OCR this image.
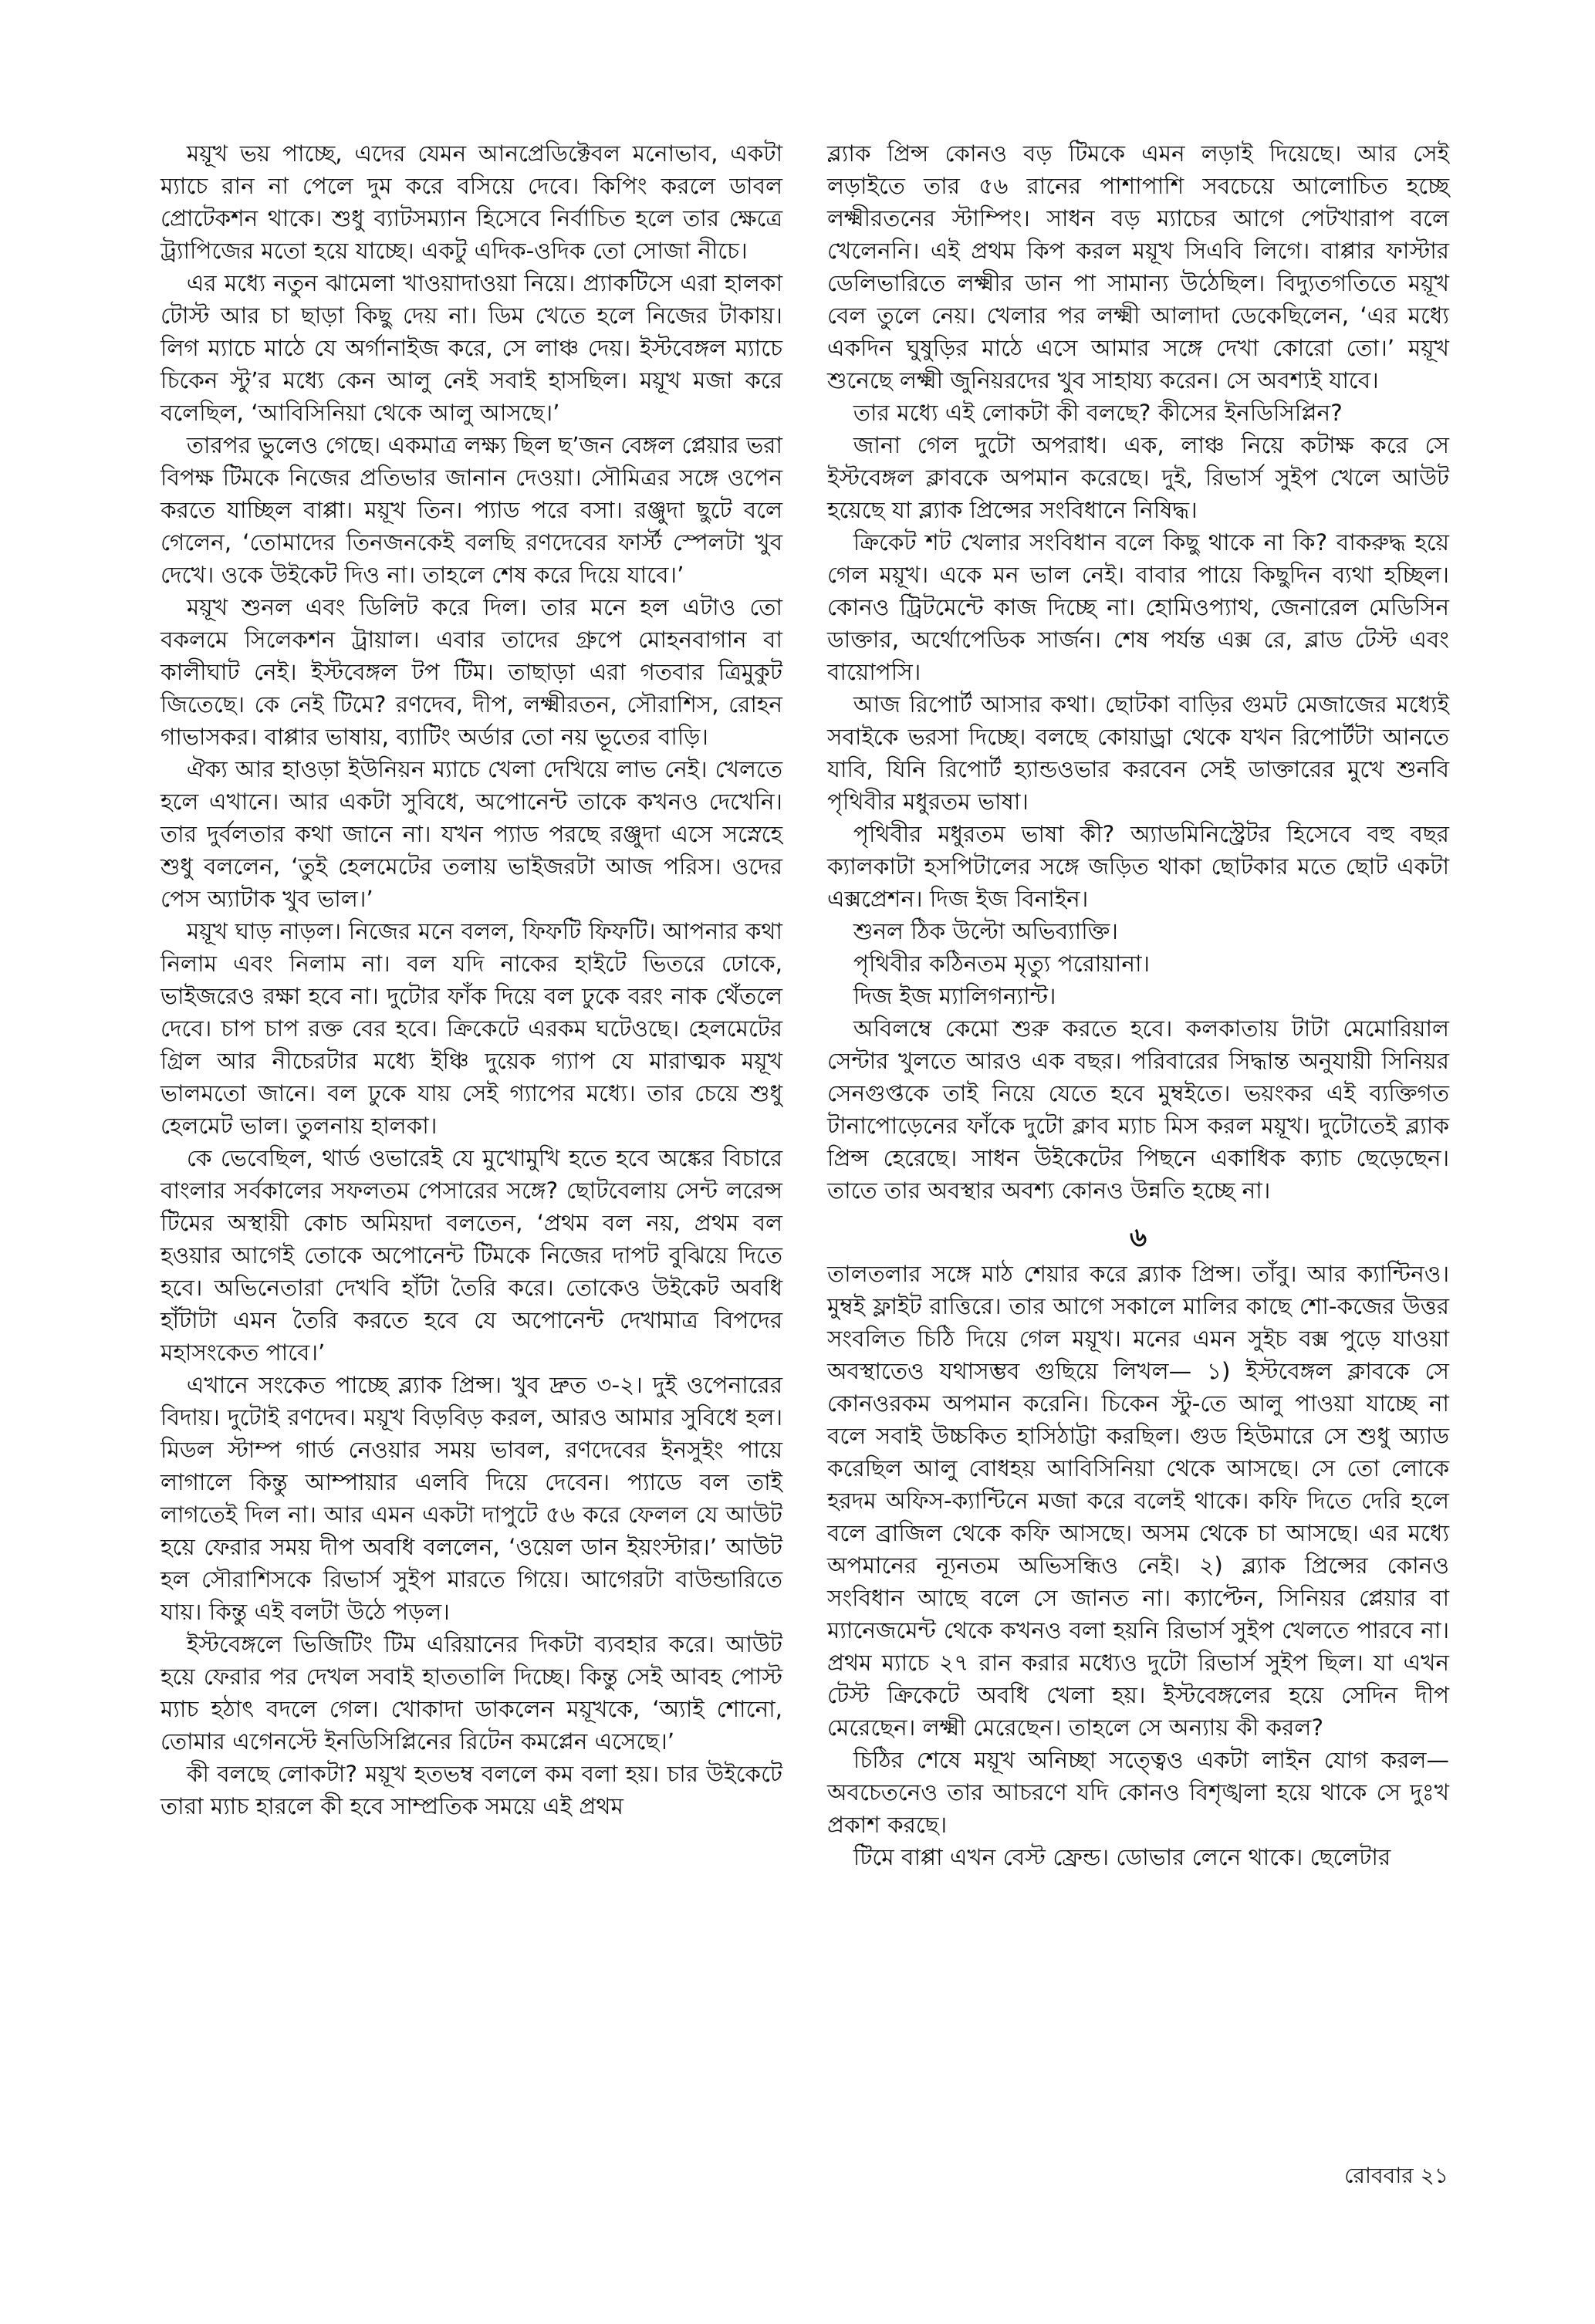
ময়ূখ ভয় পাচ্ছে, এদের যেমন আনপ্রেডিক্টেবল মনোভাব, একটা ম্যাচে রান না পেলে দুম করে বসিয়ে দেবে। কিপিং করলে ডাবল প্রোটেকশন থাকে। শুধু ব্যাটসম্যান হিসেবে নির্বাচিত হলে তার ক্ষেত্রে ট্র্যাপিজের মতো হয়ে যাচ্ছে। একটু এদিক-ওদিক তো সোজা নীচে।

এর মধ্যে নতুন ঝামেলা খাওয়াদাওয়া নিয়ে। প্র্যাকটিসে এরা হালকা টোস্ট আর চা ছাড়া কিছু দেয় না। ডিম খেতে হলে নিজের টাকায়। লিগ ম্যাচে মাঠে যে অর্গানাইজ করে, সে লাঞ্চ দেয়। ইস্টবেঙ্গল ম্যাচে চিকেন স্টু’র মধ্যে কেন আলু নেই সবাই হাসছিল। ময়ূখ মজা করে বলেছিল, ‘আবিসিনিয়া থেকে আলু আসছে।’

তারপর ভুলেও গেছে। একমাত্র লক্ষ্য ছিল ছ’জন বেঙ্গল প্লেয়ার ভরা বিপক্ষ টিমকে নিজের প্রতিভার জানান দেওয়া। সৌমিত্রর সঙ্গে ওপেন করতে যাচ্ছিল বাপ্পা। ময়ূখ তিন। প্যাড পরে বসা। রঞ্জুদা ছুটে বলে গেলেন, ‘তোমাদের তিনজনকেই বলছি রণদেবের ফার্স্ট স্পেলটা খুব দেখে। ওকে উইকেট দিও না। তাহলে শেষ করে দিয়ে যাবে।’

ময়ূখ শুনল এবং ডিলিট করে দিল। তার মনে হল এটাও তো বকলমে সিলেকশন ট্রায়াল। এবার তাদের গ্রুপে মোহনবাগান বা কালীঘাট নেই। ইস্টবেঙ্গল টপ টিম। তাছাড়া এরা গতবার ত্রিমুকুট জিতেছে। কে নেই টিমে? রণদেব, দীপ, লক্ষ্মীরতন, সৌরাশিস, রোহন গাভাসকর। বাপ্পার ভাষায়, ব্যাটিং অর্ডার তো নয় ভূতের বাড়ি।

ঐক্য আর হাওড়া ইউনিয়ন ম্যাচে খেলা দেখিয়ে লাভ নেই। খেলতে হলে এখানে। আর একটা সুবিধে, অপোনেন্ট তাকে কখনও দেখেনি। তার দুর্বলতার কথা জানে না। যখন প্যাড পরছে রঞ্জুদা এসে সস্নেহে শুধু বললেন, ‘তুই হেলমেটের তলায় ভাইজরটা আজ পরিস। ওদের পেস অ্যাটাক খুব ভাল।’

ময়ূখ ঘাড় নাড়ল। নিজের মনে বলল, ফিফটি ফিফটি। আপনার কথা নিলাম এবং নিলাম না। বল যদি নাকের হাইটে ভিতরে ঢোকে, ভাইজরেও রক্ষা হবে না। দুটোর ফাঁক দিয়ে বল ঢুকে বরং নাক থেঁতলে দেবে। চাপ চাপ রক্ত বের হবে। ক্রিকেটে এরকম ঘটেওছে। হেলমেটের গ্রিল আর নীচেরটার মধ্যে ইঞ্চি দুয়েক গ্যাপ যে মারাত্মক ময়ূখ ভালমতো জানে। বল ঢুকে যায় সেই গ্যাপের মধ্যে। তার চেয়ে শুধু হেলমেট ভাল। তুলনায় হালকা।

কে ভেবেছিল, থার্ড ওভারেই যে মুখোমুখি হতে হবে অঙ্কের বিচারে বাংলার সর্বকালের সফলতম পেসারের সঙ্গে? ছোটবেলায় সেন্ট লরেন্স টিমের অস্থায়ী কোচ অমিয়দা বলতেন, ‘প্রথম বল নয়, প্রথম বল হওয়ার আগেই তোকে অপোনেন্ট টিমকে নিজের দাপট বুঝিয়ে দিতে হবে। অভিনেতারা দেখবি হাঁটা তৈরি করে। তোকেও উইকেট অবধি হাঁটাটা এমন তৈরি করতে হবে যে অপোনেন্ট দেখামাত্র বিপদের মহাসংকেত পাবে।’

এখানে সংকেত পাচ্ছে ব্ল্যাক প্রিন্স। খুব দ্রুত ৩-২। দুই ওপেনারের বিদায়। দুটোই রণদেব। ময়ূখ বিড়বিড় করল, আরও আমার সুবিধে হল। মিডল স্টাম্প গার্ড নেওয়ার সময় ভাবল, রণদেবের ইনসুইং পায়ে লাগালে কিন্তু আম্পায়ার এলবি দিয়ে দেবেন। প্যাডে বল তাই লাগতেই দিল না। আর এমন একটা দাপুটে ৫৬ করে ফেলল যে আউট হয়ে ফেরার সময় দীপ অবধি বললেন, ‘ওয়েল ডান ইয়ংস্টার।’ আউট হল সৌরাশিসকে রিভার্স সুইপ মারতে গিয়ে। আগেরটা বাউন্ডারিতে যায়। কিন্তু এই বলটা উঠে পড়ল।

ইস্টবেঙ্গলে ভিজিটিং টিম এরিয়ানের দিকটা ব্যবহার করে। আউট হয়ে ফেরার পর দেখল সবাই হাততালি দিচ্ছে। কিন্তু সেই আবহ পোস্ট ম্যাচ হঠাৎ বদলে গেল। খোকাদা ডাকলেন ময়ূখকে, ‘অ্যাই শোনো, তোমার এগেনস্টে ইনডিসিপ্লিনের রিটেন কমপ্লেন এসেছে।’

কী বলছে লোকটা? ময়ূখ হতভম্ব বললে কম বলা হয়। চার উইকেটে তারা ম্যাচ হারলে কী হবে সাম্প্রতিক সময়ে এই প্রথম

ব্ল্যাক প্রিন্স কোনও বড় টিমকে এমন লড়াই দিয়েছে। আর সেই লড়াইতে তার ৫৬ রানের পাশাপাশি সবচেয়ে আলোচিত হচ্ছে লক্ষ্মীরতনের স্টাম্পিং। সাধন বড় ম্যাচের আগে পেটখারাপ বলে খেলেননি। এই প্রথম কিপ করল ময়ূখ সিএবি লিগে। বাপ্পার ফাস্টার ডেলিভারিতে লক্ষ্মীর ডান পা সামান্য উঠেছিল। বিদ্যুতগতিতে ময়ূখ বেল তুলে নেয়। খেলার পর লক্ষ্মী আলাদা ডেকেছিলেন, ‘এর মধ্যে একদিন ঘুষুড়ির মাঠে এসে আমার সঙ্গে দেখা কোরো তো।’ ময়ূখ শুনেছে লক্ষ্মী জুনিয়রদের খুব সাহায্য করেন। সে অবশ্যই যাবে।

তার মধ্যে এই লোকটা কী বলছে? কীসের ইনডিসিপ্লিন?

জানা গেল দুটো অপরাধ। এক, লাঞ্চ নিয়ে কটাক্ষ করে সে ইস্টবেঙ্গল ক্লাবকে অপমান করেছে। দুই, রিভার্স সুইপ খেলে আউট হয়েছে যা ব্ল্যাক প্রিন্সের সংবিধানে নিষিদ্ধ।

ক্রিকেট শট খেলার সংবিধান বলে কিছু থাকে না কি? বাকরুদ্ধ হয়ে গেল ময়ূখ। একে মন ভাল নেই। বাবার পায়ে কিছুদিন ব্যথা হচ্ছিল। কোনও ট্রিটমেন্টে কাজ দিচ্ছে না। হোমিওপ্যাথ, জেনারেল মেডিসিন ডাক্তার, অর্থোপেডিক সার্জন। শেষ পর্যন্ত এক্স রে, ব্লাড টেস্ট এবং বায়োপসি।

আজ রিপোর্ট আসার কথা। ছোটকা বাড়ির গুমট মেজাজের মধ্যেই সবাইকে ভরসা দিচ্ছে। বলছে কোয়াড্রা থেকে যখন রিপোর্টটা আনতে যাবি, যিনি রিপোর্ট হ্যান্ডওভার করবেন সেই ডাক্তারের মুখে শুনবি পৃথিবীর মধুরতম ভাষা।

পৃথিবীর মধুরতম ভাষা কী? অ্যাডমিনিস্ট্রেটর হিসেবে বহু বছর ক্যালকাটা হসপিটালের সঙ্গে জড়িত থাকা ছোটকার মতে ছোট একটা এক্সপ্রেশন। দিজ ইজ বিনাইন।

শুনল ঠিক উল্টো অভিব্যাক্তি।

পৃথিবীর কঠিনতম মৃত্যু পরোয়ানা।

দিজ ইজ ম্যালিগন্যান্ট।

অবিলম্বে কেমো শুরু করতে হবে। কলকাতায় টাটা মেমোরিয়াল সেন্টার খুলতে আরও এক বছর। পরিবারের সিদ্ধান্ত অনুযায়ী সিনিয়র সেনগুপ্তকে তাই নিয়ে যেতে হবে মুম্বইতে। ভয়ংকর এই ব্যক্তিগত টানাপোড়েনের ফাঁকে দুটো ক্লাব ম্যাচ মিস করল ময়ূখ। দুটোতেই ব্ল্যাক প্রিন্স হেরেছে। সাধন উইকেটের পিছনে একাধিক ক্যাচ ছেড়েছেন। তাতে তার অবস্থার অবশ্য কোনও উন্নতি হচ্ছে না।

৬

তালতলার সঙ্গে মাঠ শেয়ার করে ব্ল্যাক প্রিন্স। তাঁবু। আর ক্যান্টিনও। মুম্বই ফ্লাইট রাত্তিরে। তার আগে সকালে মালির কাছে শো-কজের উত্তর সংবলিত চিঠি দিয়ে গেল ময়ূখ। মনের এমন সুইচ বক্স পুড়ে যাওয়া অবস্থাতেও যথাসম্ভব গুছিয়ে লিখল— ১) ইস্টবেঙ্গল ক্লাবকে সে কোনওরকম অপমান করেনি। চিকেন স্টু-তে আলু পাওয়া যাচ্ছে না বলে সবাই উচ্চকিত হাসিঠাট্টা করছিল। গুড হিউমারে সে শুধু অ্যাড করেছিল আলু বোধহয় আবিসিনিয়া থেকে আসছে। সে তো লোকে হরদম অফিস-ক্যান্টিনে মজা করে বলেই থাকে। কফি দিতে দেরি হলে বলে ব্রাজিল থেকে কফি আসছে। অসম থেকে চা আসছে। এর মধ্যে অপমানের ন্যূনতম অভিসন্ধিও নেই। ২) ব্ল্যাক প্রিন্সের কোনও সংবিধান আছে বলে সে জানত না। ক্যাপ্টেন, সিনিয়র প্লেয়ার বা ম্যানেজমেন্ট থেকে কখনও বলা হয়নি রিভার্স সুইপ খেলতে পারবে না। প্রথম ম্যাচে ২৭ রান করার মধ্যেও দুটো রিভার্স সুইপ ছিল। যা এখন টেস্ট ক্রিকেটে অবধি খেলা হয়। ইস্টবেঙ্গলের হয়ে সেদিন দীপ মেরেছেন। লক্ষ্মী মেরেছেন। তাহলে সে অন্যায় কী করল?

চিঠির শেষে ময়ূখ অনিচ্ছা সত্ত্বেও একটা লাইন যোগ করল— অবচেতনেও তার আচরণে যদি কোনও বিশৃঙ্খলা হয়ে থাকে সে দুঃখ প্রকাশ করছে।

টিমে বাপ্পা এখন বেস্ট ফ্রেন্ড। ডোভার লেনে থাকে। ছেলেটার

রোববার ২১
